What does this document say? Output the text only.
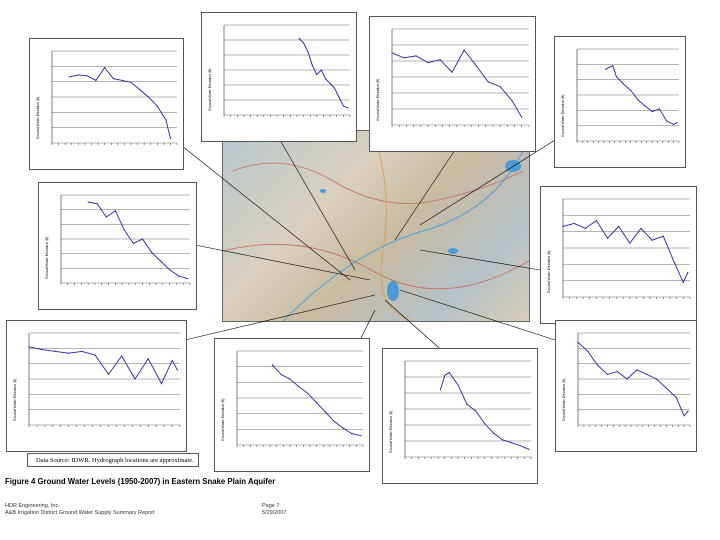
Ground Water Elevation (ft)
Ground Water Elevation (ft)	Ground Water Elevation (ft)	Ground Water Elevation (ft)
Ground Water Elevation (ft)	Ground Water Elevation (ft)
Ground Water Elevation (ft)	Ground Water Elevation (ft)	Ground Water Elevation (ft)
Ground Water Elevation (ft)
Data Source: IDWR. Hydrograph locations are approximate.
Figure 4 Ground Water Levels (1950-2007) in Eastern Snake Plain Aquifer
HDR Engineering, Inc.
A&B Irrigation District Ground Water Supply Summary Report
Page 7
5/29/2007
